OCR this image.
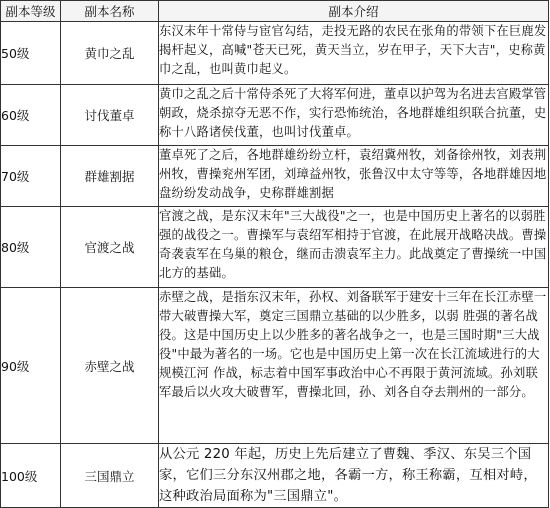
副本等级	副本名称	副本介绍
50级	黄巾之乱	东汉末年十常侍与宦官勾结，走投无路的农民在张角的带领下在巨鹿发揭杆起义，高喊"苍天已死，黄天当立，岁在甲子，天下大吉"，史称黄巾之乱，也叫黄巾起义。
60级	讨伐董卓	黄巾之乱之后十常侍杀死了大将军何进，董卓以护驾为名进去宫殿掌管朝政，烧杀掠夺无恶不作，实行恐怖统治，各地群雄组织联合抗董，史称十八路诸侯伐董，也叫讨伐董卓。
70级	群雄割据	董卓死了之后，各地群雄纷纷立杆，袁绍冀州牧，刘备徐州牧，刘表荆州牧，曹操兖州军团，刘璋益州牧，张鲁汉中太守等等，各地群雄因地盘纷纷发动战争，史称群雄割据
80级	官渡之战	官渡之战，是东汉末年"三大战役"之一，也是中国历史上著名的以弱胜强的战役之一。曹操军与袁绍军相持于官渡，在此展开战略决战。曹操奇袭袁军在乌巢的粮仓，继而击溃袁军主力。此战奠定了曹操统一中国北方的基础。
90级	赤壁之战	赤壁之战，是指东汉末年，孙权、刘备联军于建安十三年在长江赤壁一带大破曹操大军，奠定三国鼎立基础的以少胜多，以弱 胜强的著名战役。这是中国历史上以少胜多的著名战争之一，也是三国时期"三大战役"中最为著名的一场。它也是中国历史上第一次在长江流域进行的大规模江河 作战，标志着中国军事政治中心不再限于黄河流域。孙刘联军最后以火攻大破曹军，曹操北回，孙、刘各自夺去荆州的一部分。
100级	三国鼎立	从公元 220 年起，历史上先后建立了曹魏、季汉、东吴三个国家，它们三分东汉州郡之地，各霸一方，称王称霸，互相对峙，这种政治局面称为"三国鼎立"。
